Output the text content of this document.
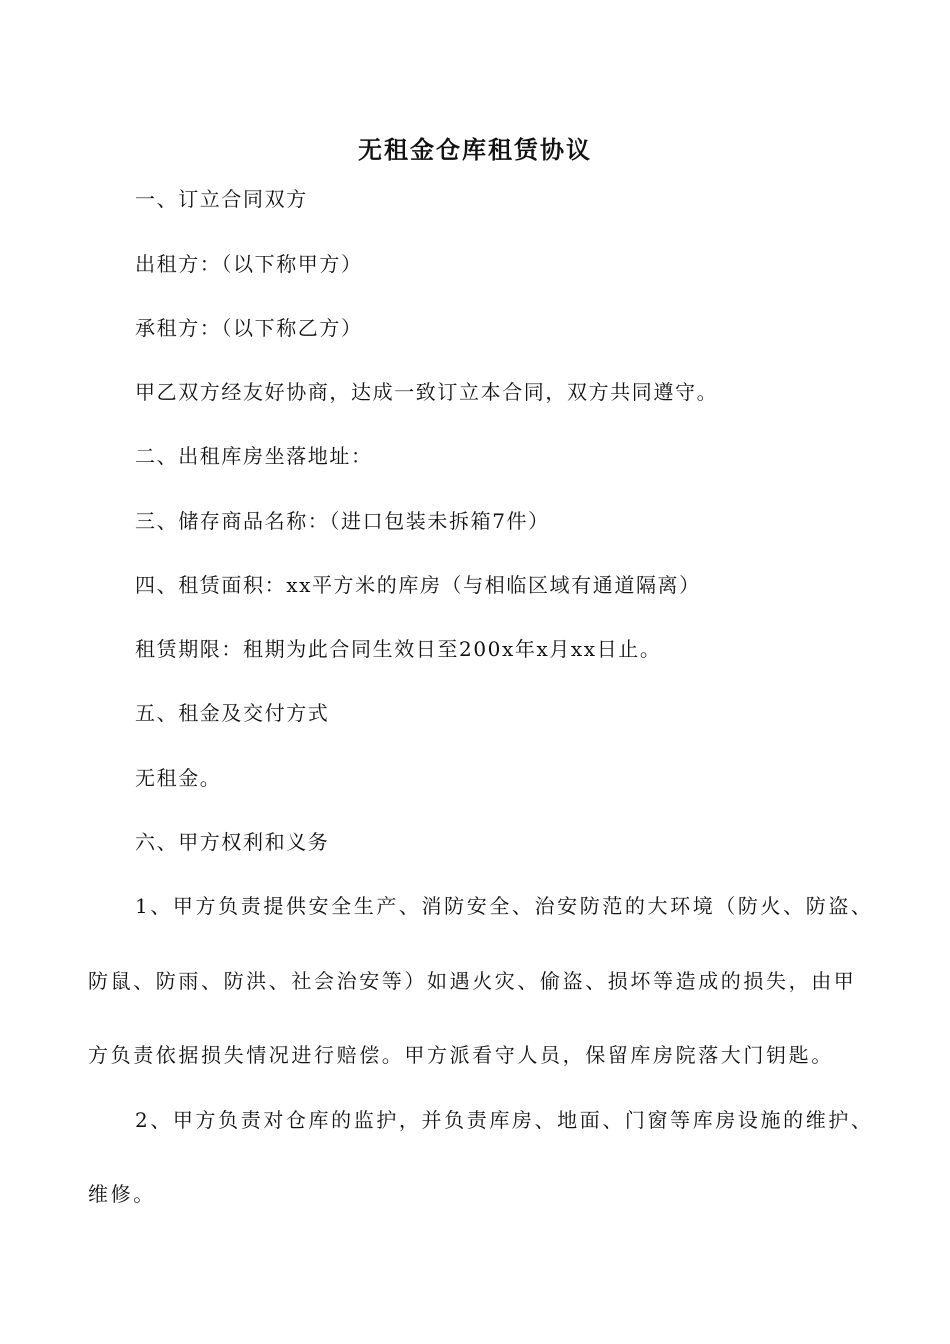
无租金仓库租赁协议
一、订立合同双方
出租方：（以下称甲方）
承租方：（以下称乙方）
甲乙双方经友好协商，达成一致订立本合同，双方共同遵守。
二、出租库房坐落地址：
三、储存商品名称：（进口包装未拆箱7件）
四、租赁面积：xx平方米的库房（与相临区域有通道隔离）
租赁期限：租期为此合同生效日至200x年x月xx日止。
五、租金及交付方式
无租金。
六、甲方权利和义务
1、甲方负责提供安全生产、消防安全、治安防范的大环境（防火、防盗、
防鼠、防雨、防洪、社会治安等）如遇火灾、偷盗、损坏等造成的损失，由甲
方负责依据损失情况进行赔偿。甲方派看守人员，保留库房院落大门钥匙。
2、甲方负责对仓库的监护，并负责库房、地面、门窗等库房设施的维护、
维修。
